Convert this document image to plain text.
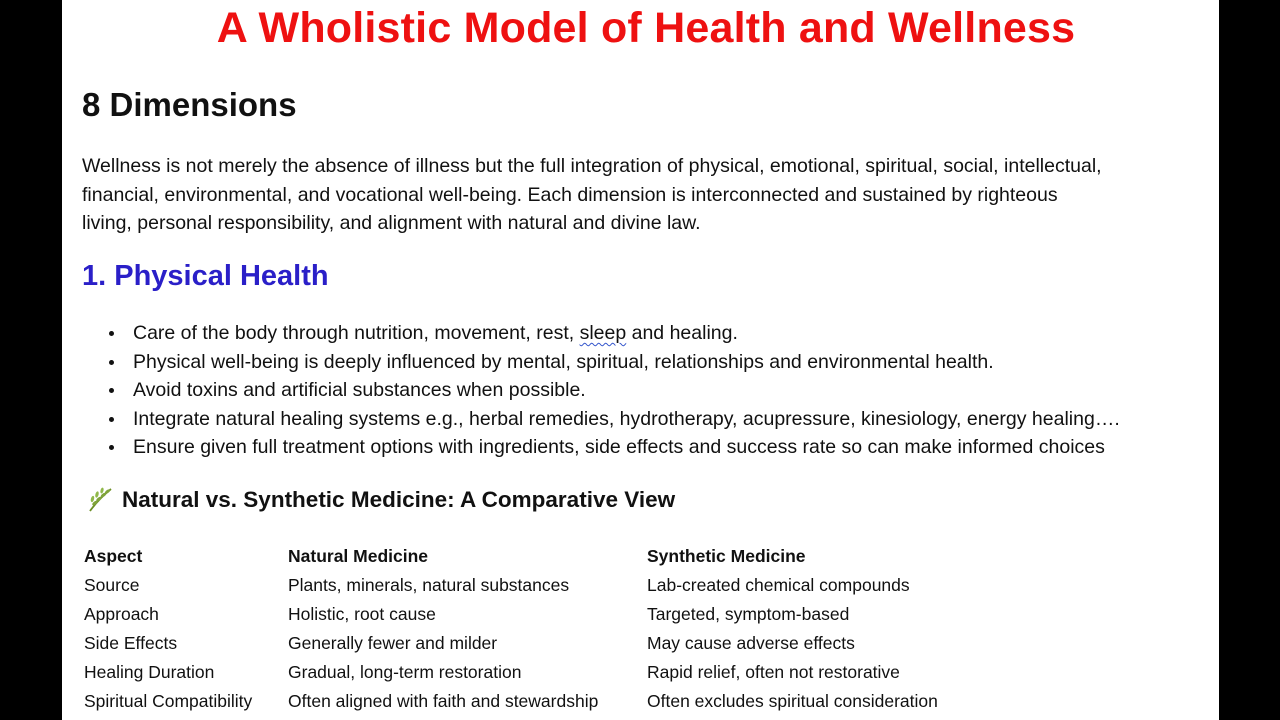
A Wholistic Model of Health and Wellness
8 Dimensions
Wellness is not merely the absence of illness but the full integration of physical, emotional, spiritual, social, intellectual,
financial, environmental, and vocational well-being. Each dimension is interconnected and sustained by righteous
living, personal responsibility, and alignment with natural and divine law.
1. Physical Health
Care of the body through nutrition, movement, rest, sleep and healing.
Physical well-being is deeply influenced by mental, spiritual, relationships and environmental health.
Avoid toxins and artificial substances when possible.
Integrate natural healing systems e.g., herbal remedies, hydrotherapy, acupressure, kinesiology, energy healing….
Ensure given full treatment options with ingredients, side effects and success rate so can make informed choices
Natural vs. Synthetic Medicine: A Comparative View
Aspect	Natural Medicine	Synthetic Medicine
Source	Plants, minerals, natural substances	Lab-created chemical compounds
Approach	Holistic, root cause	Targeted, symptom-based
Side Effects	Generally fewer and milder	May cause adverse effects
Healing Duration	Gradual, long-term restoration	Rapid relief, often not restorative
Spiritual Compatibility	Often aligned with faith and stewardship	Often excludes spiritual consideration
